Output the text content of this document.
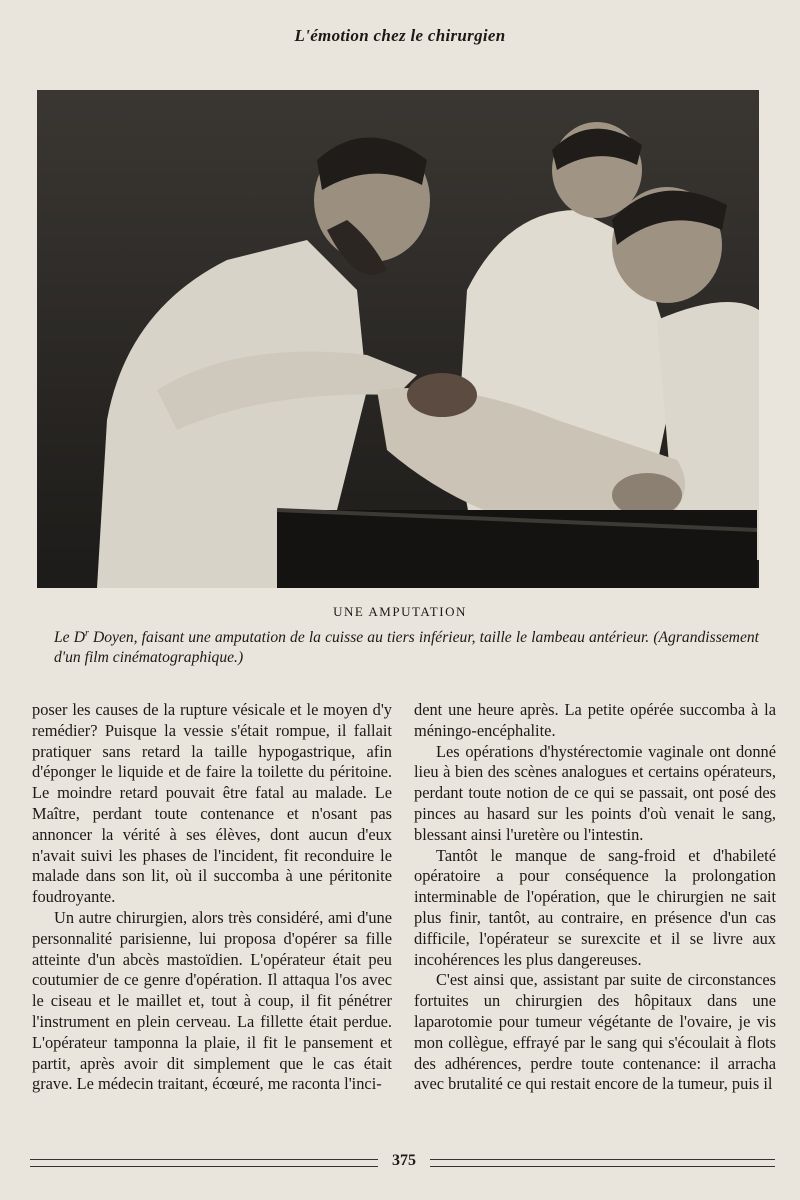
L'émotion chez le chirurgien
UNE AMPUTATION
Le $D^r$ Doyen, faisant une amputation de la cuisse au tiers inférieur, taille le lambeau antérieur. (Agrandissement d'un film cinématographique.)

poser les causes de la rupture vésicale et le moyen d'y remédier? Puisque la vessie s'était rompue, il fallait pratiquer sans retard la taille hypogastrique, afin d'éponger le liquide et de faire la toilette du péritoine. Le moindre retard pouvait être fatal au malade. Le Maître, perdant toute contenance et n'osant pas annoncer la vérité à ses élèves, dont aucun d'eux n'avait suivi les phases de l'incident, fit reconduire le malade dans son lit, où il succomba à une péritonite foudroyante.

Un autre chirurgien, alors très considéré, ami d'une personnalité parisienne, lui proposa d'opérer sa fille atteinte d'un abcès mastoïdien. L'opérateur était peu coutumier de ce genre d'opération. Il attaqua l'os avec le ciseau et le maillet et, tout à coup, il fit pénétrer l'instrument en plein cerveau. La fillette était perdue. L'opérateur tamponna la plaie, il fit le pansement et partit, après avoir dit simplement que le cas était grave. Le médecin traitant, écœuré, me raconta l'inci-

dent une heure après. La petite opérée succomba à la méningo-encéphalite.

Les opérations d'hystérectomie vaginale ont donné lieu à bien des scènes analogues et certains opérateurs, perdant toute notion de ce qui se passait, ont posé des pinces au hasard sur les points d'où venait le sang, blessant ainsi l'uretère ou l'intestin.

Tantôt le manque de sang-froid et d'habileté opératoire a pour conséquence la prolongation interminable de l'opération, que le chirurgien ne sait plus finir, tantôt, au contraire, en présence d'un cas difficile, l'opérateur se surexcite et il se livre aux incohérences les plus dangereuses.

C'est ainsi que, assistant par suite de circonstances fortuites un chirurgien des hôpitaux dans une laparotomie pour tumeur végétante de l'ovaire, je vis mon collègue, effrayé par le sang qui s'écoulait à flots des adhérences, perdre toute contenance: il arracha avec brutalité ce qui restait encore de la tumeur, puis il

375
